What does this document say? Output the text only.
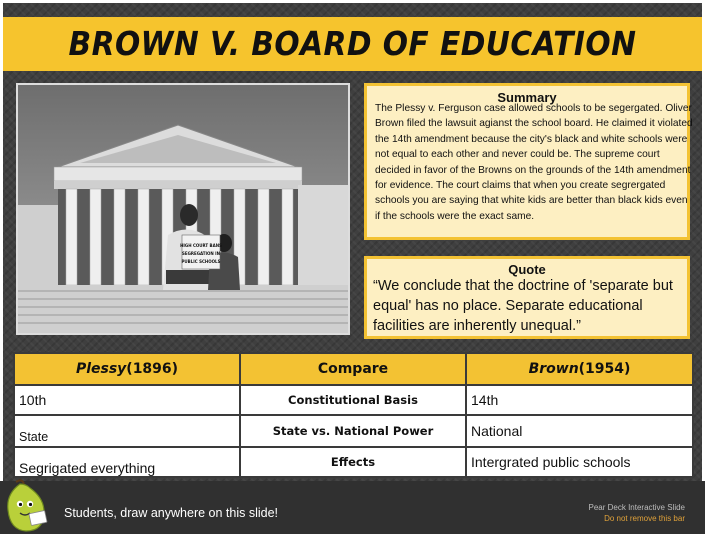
BROWN V. BOARD OF EDUCATION
HIGH COURT BANS
SEGREGATION IN
PUBLIC SCHOOLS
Summary
The Plessy v. Ferguson case allowed schools to be segergated. Oliver Brown filed the lawsuit agianst the school board. He claimed it violated the 14th amendment because the city's black and white schools were not equal to each other and never could be. The supreme court decided in favor of the Browns on the grounds of the 14th amendment for evidence. The court claims that when you create segrergated schools you are saying that white kids are better than black kids even if the schools were the exact same.
Quote
“We conclude that the doctrine of 'separate but equal' has no place. Separate educational facilities are inherently unequal.”
Plessy(1896)	Compare	Brown(1954)
10th	Constitutional Basis	14th
State	State vs. National Power	National
Segrigated everything	Effects	Intergrated public schools
Students, draw anywhere on this slide!	Pear Deck Interactive Slide
Do not remove this bar
